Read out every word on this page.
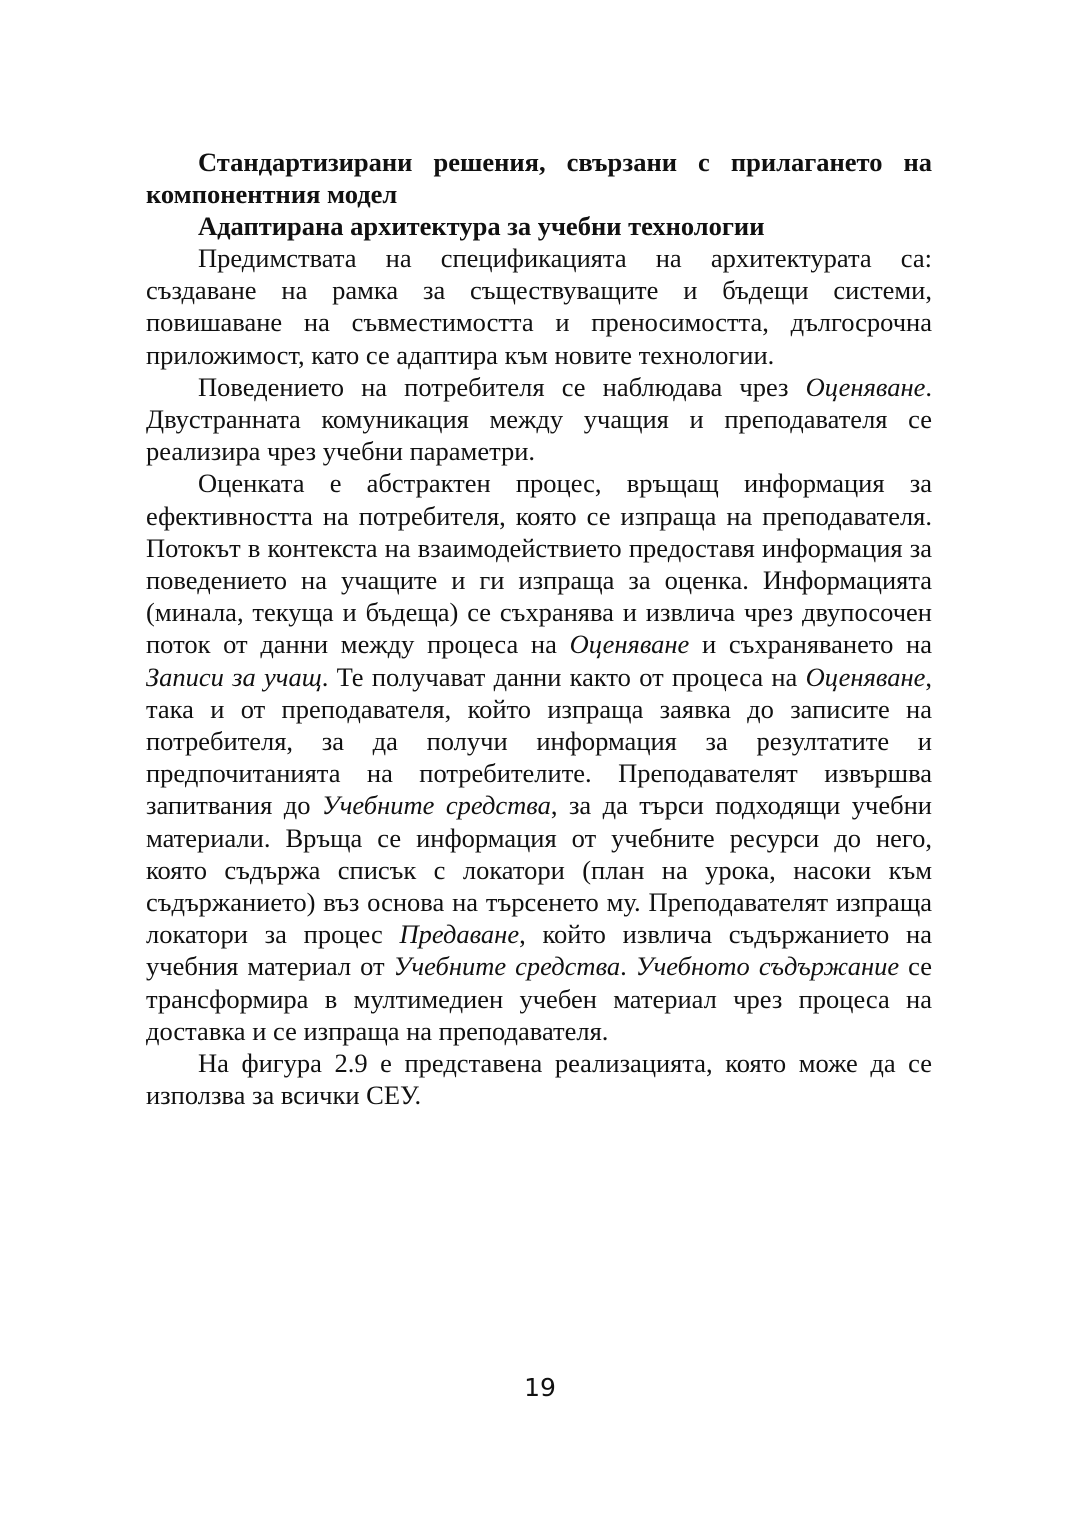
Стандартизирани решения, свързани с прилагането на компонентния модел

Адаптирана архитектура за учебни технологии

Предимствата на спецификацията на архитектурата са: създаване на рамка за съществуващите и бъдещи системи, повишаване на съвместимостта и преносимостта, дългосрочна приложимост, като се адаптира към новите технологии.

Поведението на потребителя се наблюдава чрез Оценяване. Двустранната комуникация между учащия и преподавателя се реализира чрез учебни параметри.

Оценката е абстрактен процес, връщащ информация за ефективността на потребителя, която се изпраща на преподавателя. Потокът в контекста на взаимодействието предоставя информация за поведението на учащите и ги изпраща за оценка. Информацията (минала, текуща и бъдеща) се съхранява и извлича чрез двупосочен поток от данни между процеса на Оценяване и съхраняването на Записи за учащ. Те получават данни както от процеса на Оценяване, така и от преподавателя, който изпраща заявка до записите на потребителя, за да получи информация за резултатите и предпочитанията на потребителите. Преподавателят извършва запитвания до Учебните средства, за да търси подходящи учебни материали. Връща се информация от учебните ресурси до него, която съдържа списък с локатори (план на урока, насоки към съдържанието) въз основа на търсенето му. Преподавателят изпраща локатори за процес Предаване, който извлича съдържанието на учебния материал от Учебните средства. Учебното съдържание се трансформира в мултимедиен учебен материал чрез процеса на доставка и се изпраща на преподавателя.

На фигура 2.9 е представена реализацията, която може да се използва за всички СЕУ.

19
